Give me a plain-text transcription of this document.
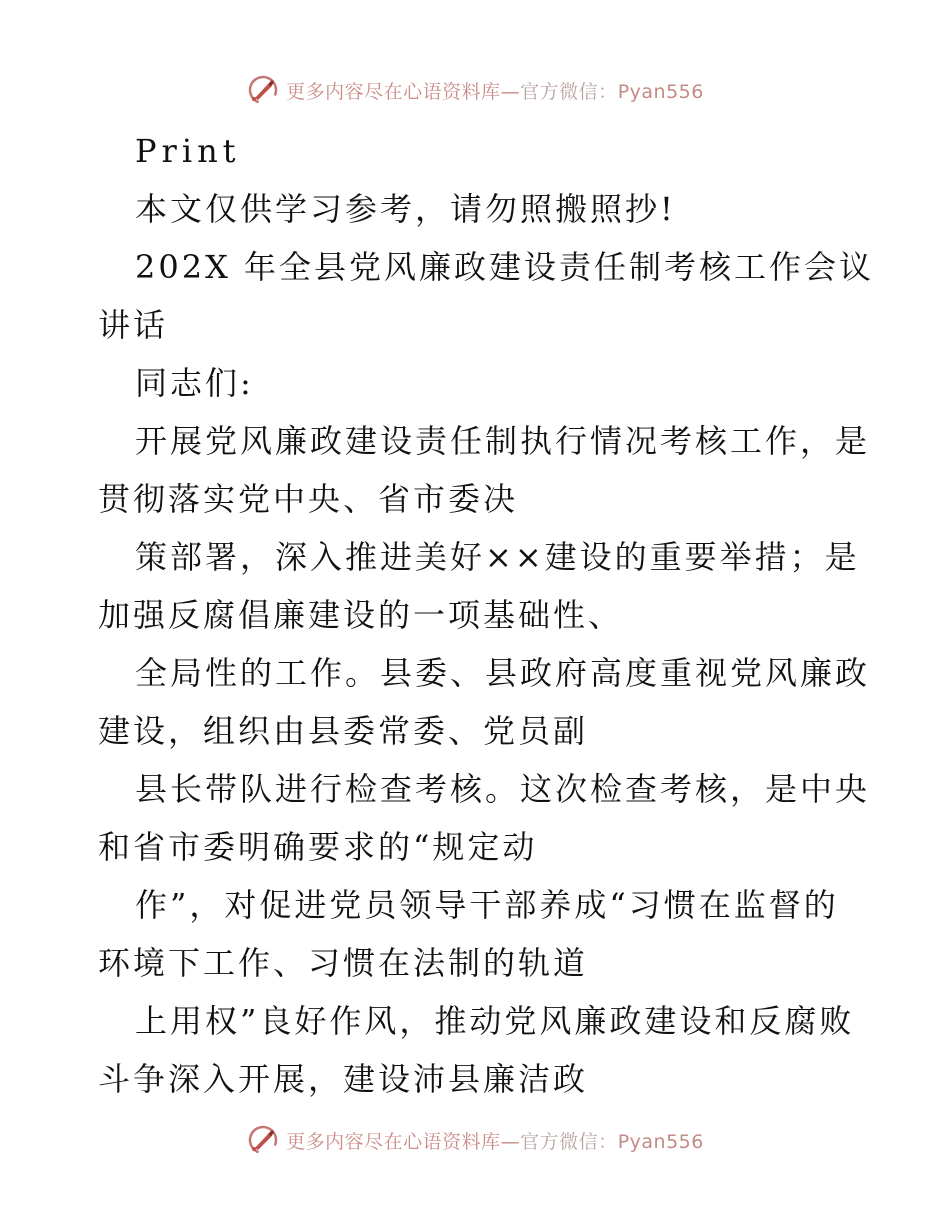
更多内容尽在心语资料库—官方微信：Pyan556
Print
本文仅供学习参考，请勿照搬照抄!
202X 年全县党风廉政建设责任制考核工作会议
讲话
同志们:
开展党风廉政建设责任制执行情况考核工作，是
贯彻落实党中央、省市委决
策部署，深入推进美好××建设的重要举措；是
加强反腐倡廉建设的一项基础性、
全局性的工作。县委、县政府高度重视党风廉政
建设，组织由县委常委、党员副
县长带队进行检查考核。这次检查考核，是中央
和省市委明确要求的“规定动
作”，对促进党员领导干部养成“习惯在监督的
环境下工作、习惯在法制的轨道
上用权”良好作风，推动党风廉政建设和反腐败
斗争深入开展，建设沛县廉洁政
更多内容尽在心语资料库—官方微信：Pyan556
